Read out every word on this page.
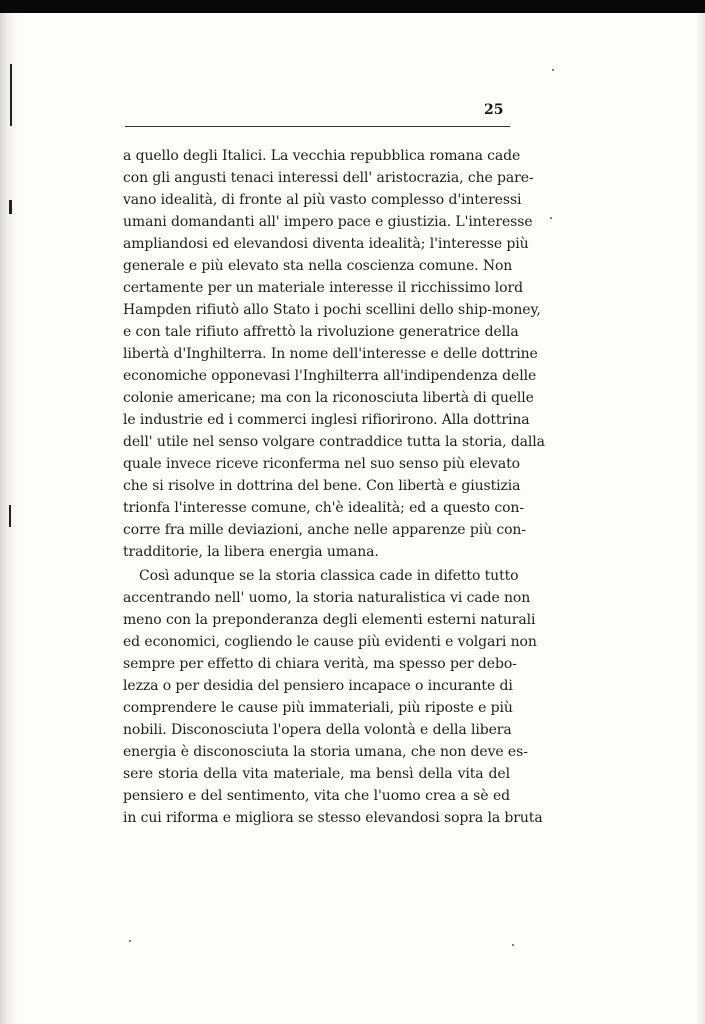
25
a quello degli Italici. La vecchia repubblica romana cade
con gli angusti tenaci interessi dell' aristocrazia, che pare-
vano idealità, di fronte al più vasto complesso d'interessi
umani domandanti all' impero pace e giustizia. L'interesse
ampliandosi ed elevandosi diventa idealità; l'interesse più
generale e più elevato sta nella coscienza comune. Non
certamente per un materiale interesse il ricchissimo lord
Hampden rifiutò allo Stato i pochi scellini dello ship-money,
e con tale rifiuto affrettò la rivoluzione generatrice della
libertà d'Inghilterra. In nome dell'interesse e delle dottrine
economiche opponevasi l'Inghilterra all'indipendenza delle
colonie americane; ma con la riconosciuta libertà di quelle
le industrie ed i commerci inglesi rifiorirono. Alla dottrina
dell' utile nel senso volgare contraddice tutta la storia, dalla
quale invece riceve riconferma nel suo senso più elevato
che si risolve in dottrina del bene. Con libertà e giustizia
trionfa l'interesse comune, ch'è idealità; ed a questo con-
corre fra mille deviazioni, anche nelle apparenze più con-
tradditorie, la libera energia umana.
Così adunque se la storia classica cade in difetto tutto
accentrando nell' uomo, la storia naturalistica vi cade non
meno con la preponderanza degli elementi esterni naturali
ed economici, cogliendo le cause più evidenti e volgari non
sempre per effetto di chiara verità, ma spesso per debo-
lezza o per desidia del pensiero incapace o incurante di
comprendere le cause più immateriali, più riposte e più
nobili. Disconosciuta l'opera della volontà e della libera
energia è disconosciuta la storia umana, che non deve es-
sere storia della vita materiale, ma bensì della vita del
pensiero e del sentimento, vita che l'uomo crea a sè ed
in cui riforma e migliora se stesso elevandosi sopra la bruta
